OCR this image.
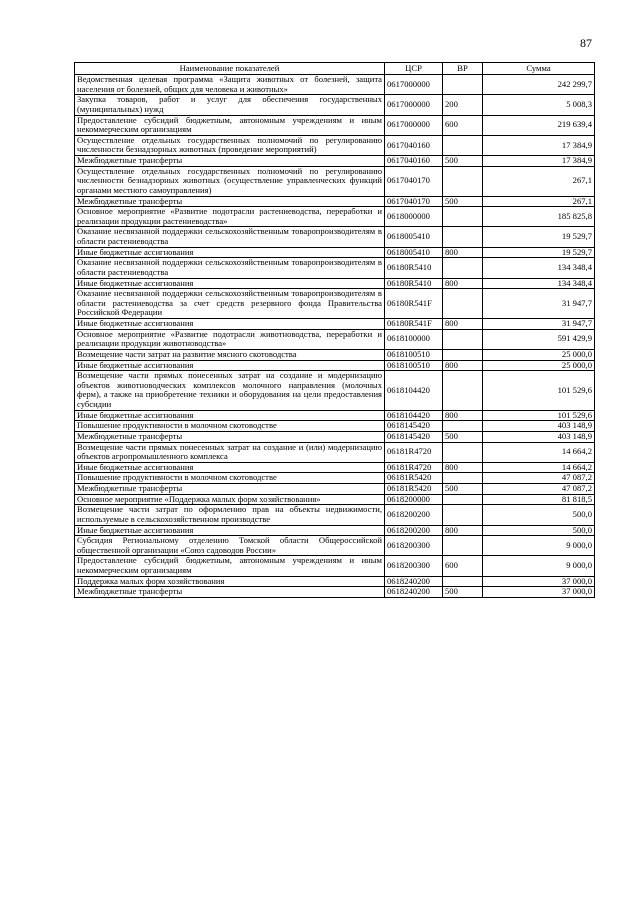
87
Наименование показателей	ЦСР	ВР	Сумма
Ведомственная целевая программа «Защита животных от болезней, защита населения от болезней, общих для человека и животных»	0617000000		242 299,7
Закупка товаров, работ и услуг для обеспечения государственных (муниципальных) нужд	0617000000	200	5 008,3
Предоставление субсидий бюджетным, автономным учреждениям и иным некоммерческим организациям	0617000000	600	219 639,4
Осуществление отдельных государственных полномочий по регулированию численности безнадзорных животных (проведение мероприятий)	0617040160		17 384,9
Межбюджетные трансферты	0617040160	500	17 384,9
Осуществление отдельных государственных полномочий по регулированию численности безнадзорных животных (осуществление управленческих функций органами местного самоуправления)	0617040170		267,1
Межбюджетные трансферты	0617040170	500	267,1
Основное мероприятие «Развитие подотрасли растениеводства, переработки и реализации продукции растениеводства»	0618000000		185 825,8
Оказание несвязанной поддержки сельскохозяйственным товаропроизводителям в области растениеводства	0618005410		19 529,7
Иные бюджетные ассигнования	0618005410	800	19 529,7
Оказание несвязанной поддержки сельскохозяйственным товаропроизводителям в области растениеводства	06180R5410		134 348,4
Иные бюджетные ассигнования	06180R5410	800	134 348,4
Оказание несвязанной поддержки сельскохозяйственным товаропроизводителям в области растениеводства за счет средств резервного фонда Правительства Российской Федерации	06180R541F		31 947,7
Иные бюджетные ассигнования	06180R541F	800	31 947,7
Основное мероприятие «Развитие подотрасли животноводства, переработки и реализации продукции животноводства»	0618100000		591 429,9
Возмещение части затрат на развитие мясного скотоводства	0618100510		25 000,0
Иные бюджетные ассигнования	0618100510	800	25 000,0
Возмещение части прямых понесенных затрат на создание и модернизацию объектов животноводческих комплексов молочного направления (молочных ферм), а также на приобретение техники и оборудования на цели предоставления субсидии	0618104420		101 529,6
Иные бюджетные ассигнования	0618104420	800	101 529,6
Повышение продуктивности в молочном скотоводстве	0618145420		403 148,9
Межбюджетные трансферты	0618145420	500	403 148,9
Возмещение части прямых понесенных затрат на создание и (или) модернизацию объектов агропромышленного комплекса	06181R4720		14 664,2
Иные бюджетные ассигнования	06181R4720	800	14 664,2
Повышение продуктивности в молочном скотоводстве	06181R5420		47 087,2
Межбюджетные трансферты	06181R5420	500	47 087,2
Основное мероприятие «Поддержка малых форм хозяйствования»	0618200000		81 818,5
Возмещение части затрат по оформлению прав на объекты недвижимости, используемые в сельскохозяйственном производстве	0618200200		500,0
Иные бюджетные ассигнования	0618200200	800	500,0
Субсидия Региональному отделению Томской области Общероссийской общественной организации «Союз садоводов России»	0618200300		9 000,0
Предоставление субсидий бюджетным, автономным учреждениям и иным некоммерческим организациям	0618200300	600	9 000,0
Поддержка малых форм хозяйствования	0618240200		37 000,0
Межбюджетные трансферты	0618240200	500	37 000,0
